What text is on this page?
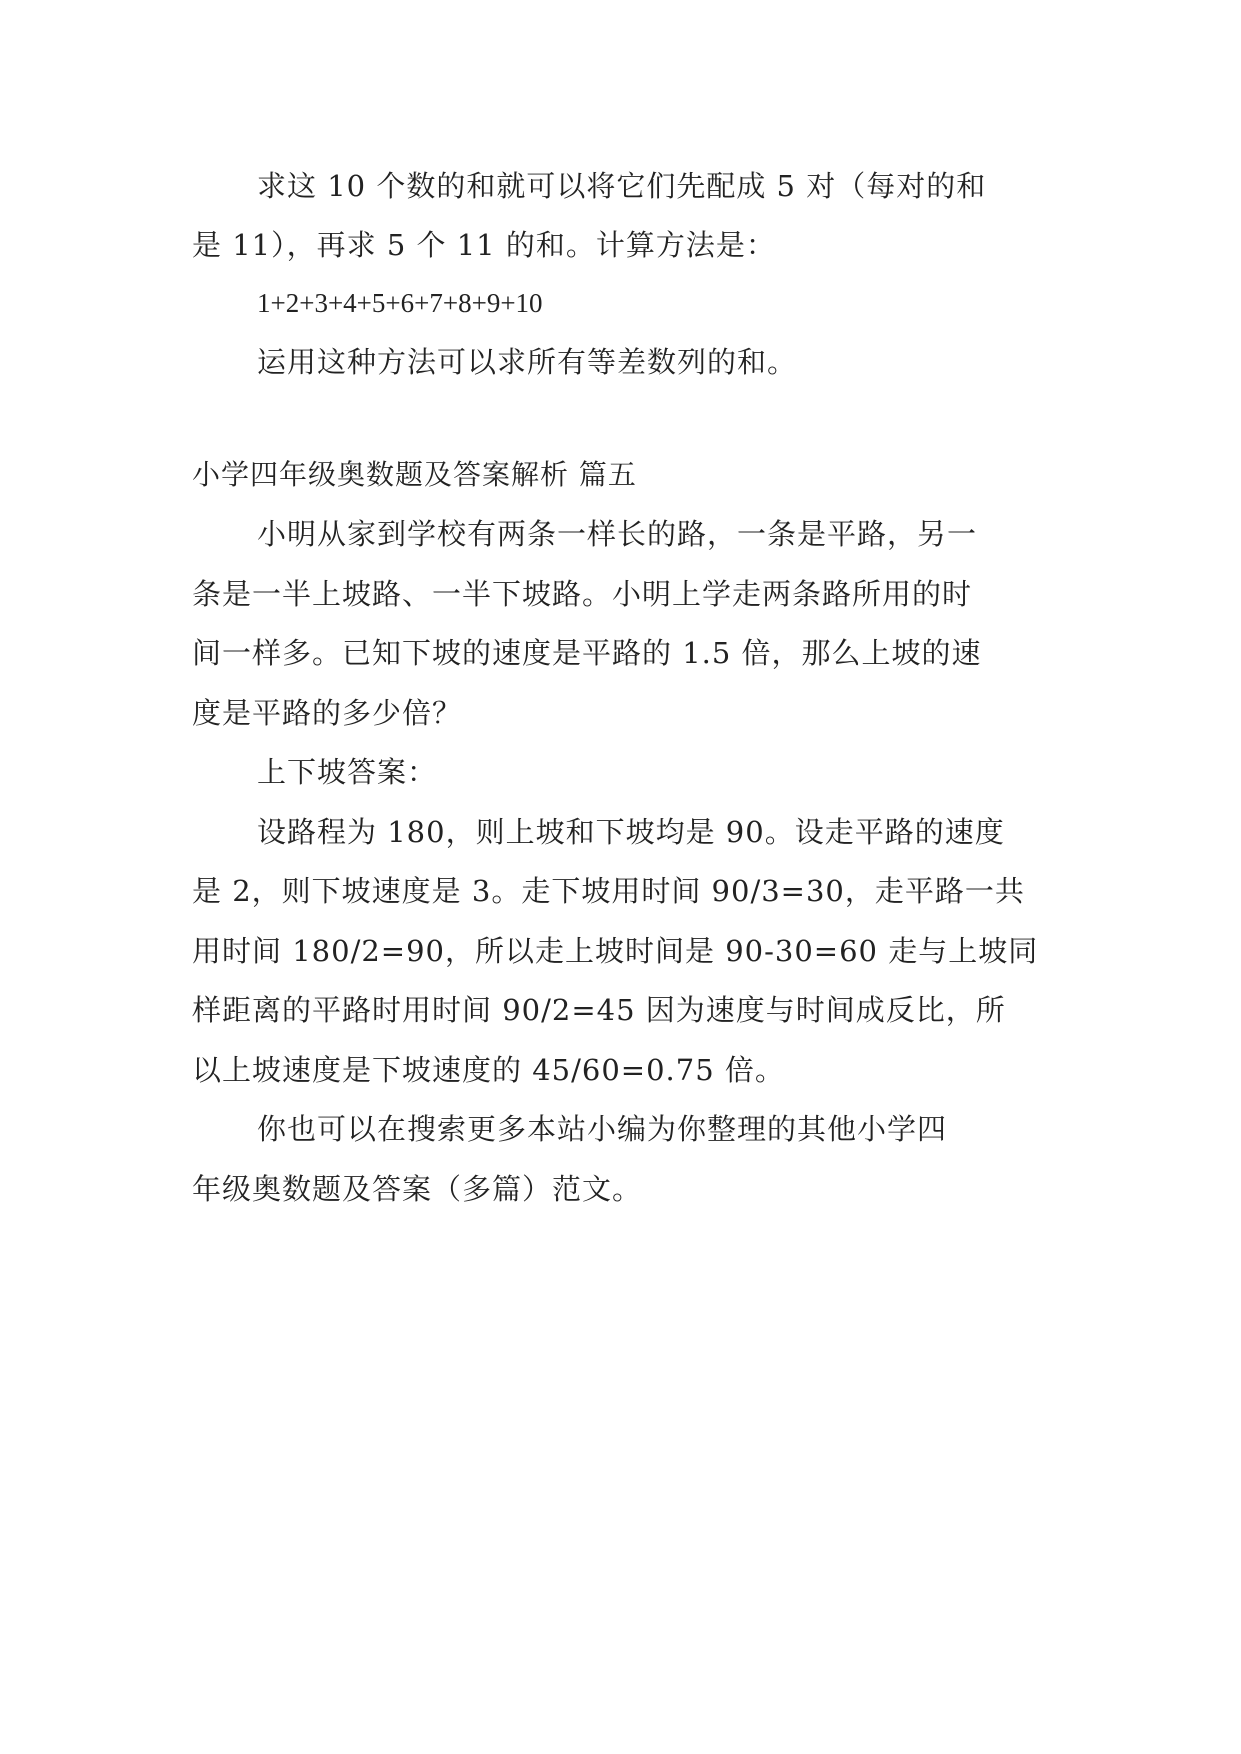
求这 10 个数的和就可以将它们先配成 5 对（每对的和
是 11），再求 5 个 11 的和。计算方法是：
1+2+3+4+5+6+7+8+9+10
运用这种方法可以求所有等差数列的和。
小学四年级奥数题及答案解析 篇五
小明从家到学校有两条一样长的路，一条是平路，另一
条是一半上坡路、一半下坡路。小明上学走两条路所用的时
间一样多。已知下坡的速度是平路的 1.5 倍，那么上坡的速
度是平路的多少倍？
上下坡答案：
设路程为 180，则上坡和下坡均是 90。设走平路的速度
是 2，则下坡速度是 3。走下坡用时间 90/3=30，走平路一共
用时间 180/2=90，所以走上坡时间是 90-30=60 走与上坡同
样距离的平路时用时间 90/2=45 因为速度与时间成反比，所
以上坡速度是下坡速度的 45/60=0.75 倍。
你也可以在搜索更多本站小编为你整理的其他小学四
年级奥数题及答案（多篇）范文。
